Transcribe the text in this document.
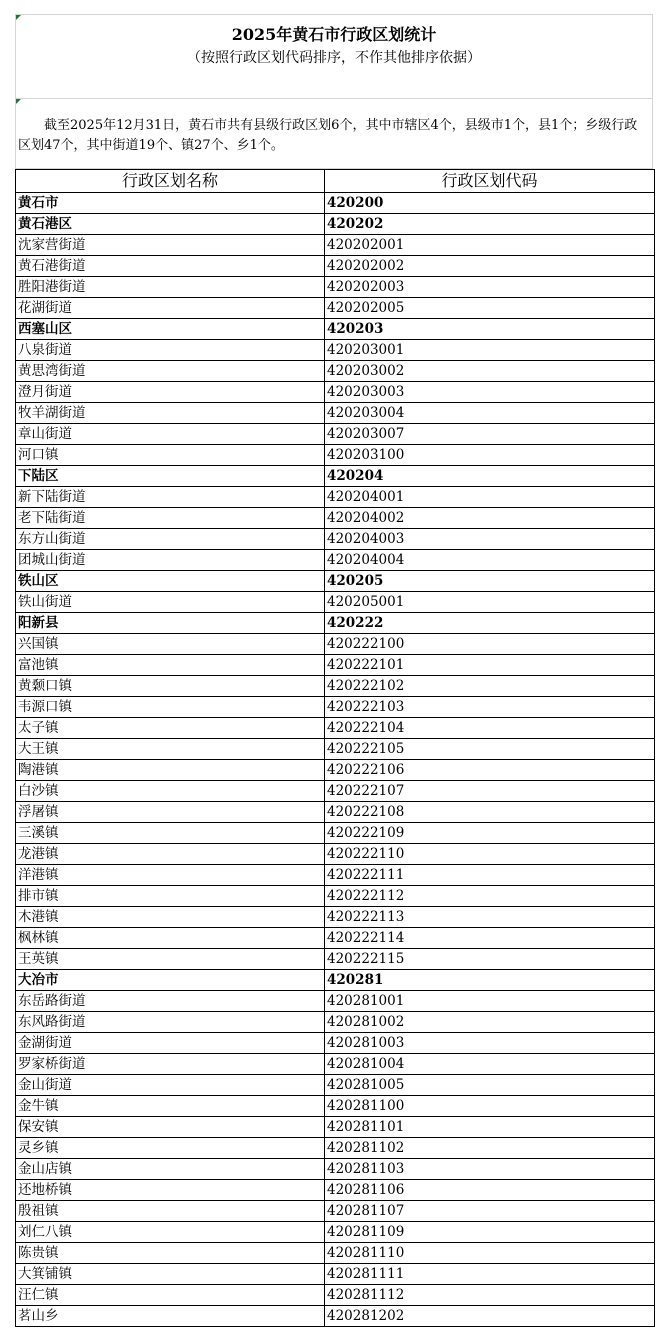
2025年黄石市行政区划统计
（按照行政区划代码排序，不作其他排序依据）
截至2025年12月31日，黄石市共有县级行政区划6个，其中市辖区4个，县级市1个，县1个；乡级行政区划47个，其中街道19个、镇27个、乡1个。
行政区划名称	行政区划代码
黄石市	420200
黄石港区	420202
沈家营街道	420202001
黄石港街道	420202002
胜阳港街道	420202003
花湖街道	420202005
西塞山区	420203
八泉街道	420203001
黄思湾街道	420203002
澄月街道	420203003
牧羊湖街道	420203004
章山街道	420203007
河口镇	420203100
下陆区	420204
新下陆街道	420204001
老下陆街道	420204002
东方山街道	420204003
团城山街道	420204004
铁山区	420205
铁山街道	420205001
阳新县	420222
兴国镇	420222100
富池镇	420222101
黄颡口镇	420222102
韦源口镇	420222103
太子镇	420222104
大王镇	420222105
陶港镇	420222106
白沙镇	420222107
浮屠镇	420222108
三溪镇	420222109
龙港镇	420222110
洋港镇	420222111
排市镇	420222112
木港镇	420222113
枫林镇	420222114
王英镇	420222115
大冶市	420281
东岳路街道	420281001
东风路街道	420281002
金湖街道	420281003
罗家桥街道	420281004
金山街道	420281005
金牛镇	420281100
保安镇	420281101
灵乡镇	420281102
金山店镇	420281103
还地桥镇	420281106
殷祖镇	420281107
刘仁八镇	420281109
陈贵镇	420281110
大箕铺镇	420281111
汪仁镇	420281112
茗山乡	420281202
